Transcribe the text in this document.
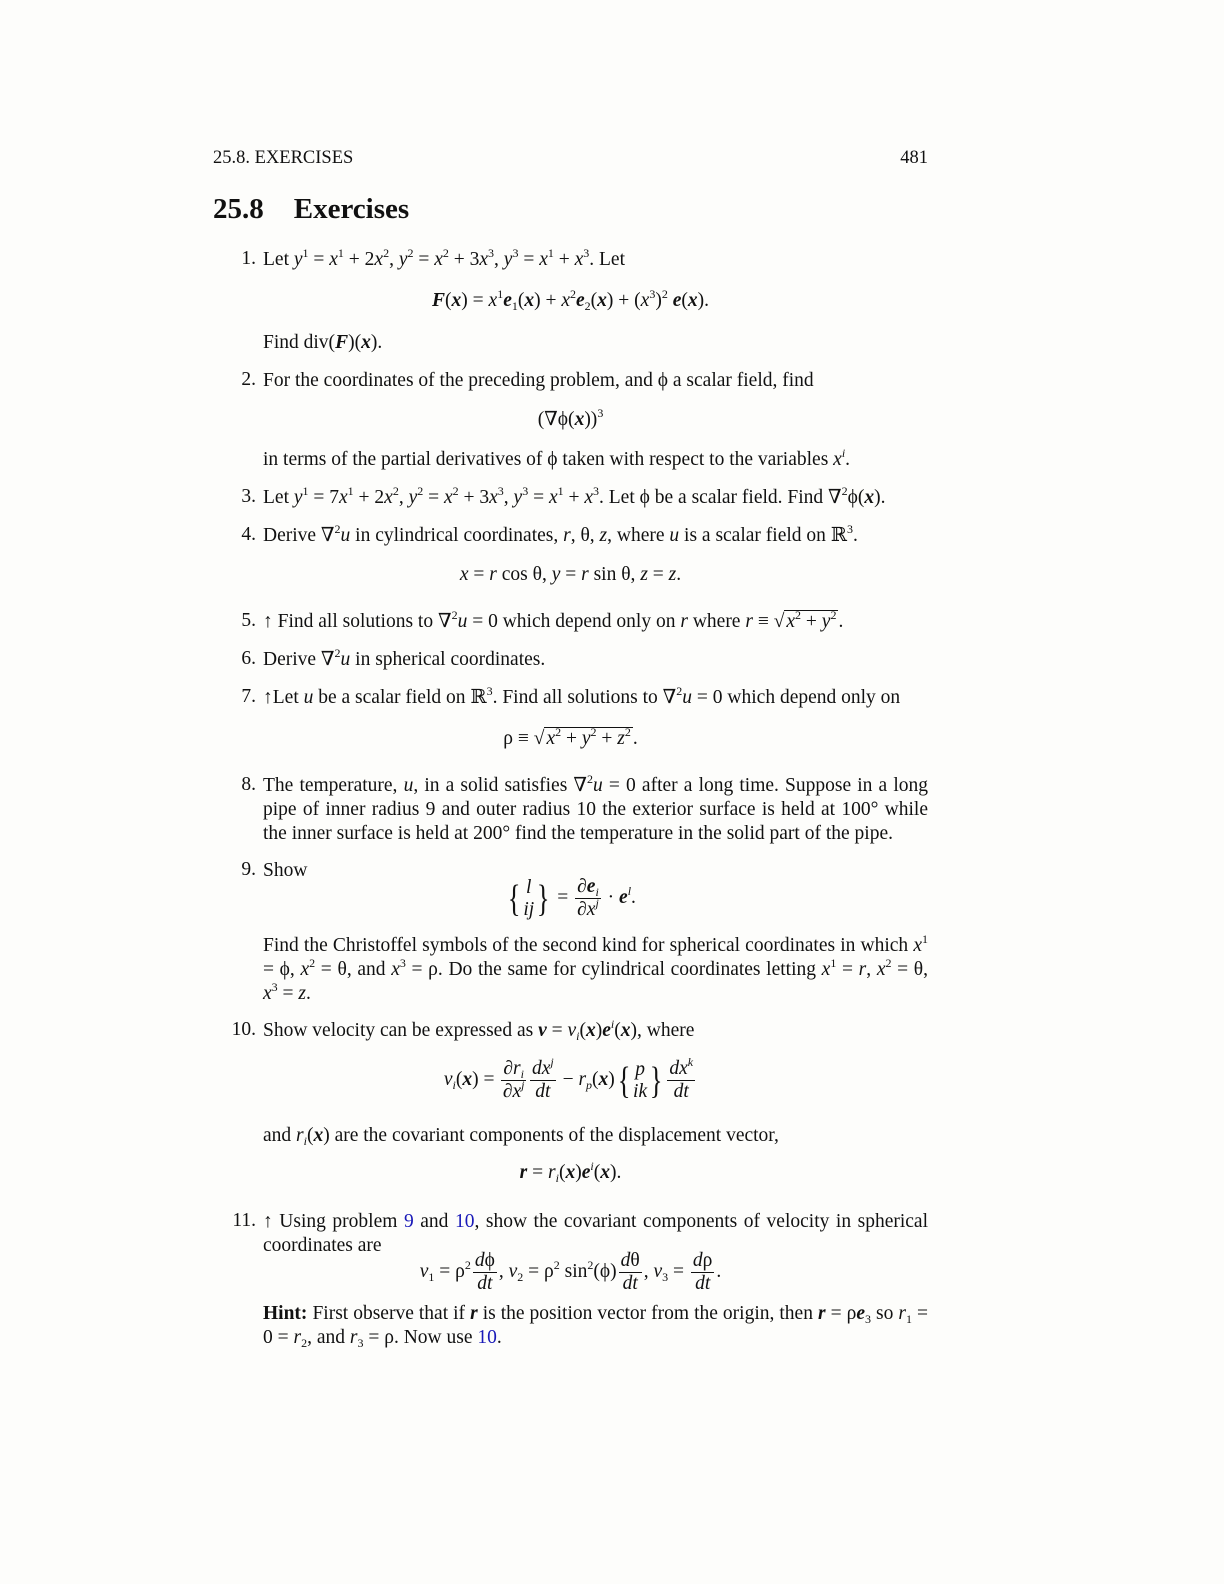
25.8. EXERCISES	481
25.8 Exercises
1. Let $y^1 = x^1 + 2x^2$, $y^2 = x^2 + 3x^3$, $y^3 = x^1 + x^3$. Let
$F(x) = x^1e_1(x) + x^2e_2(x) + (x^3)^2$ e(x).
Find div(F)(x).
2. For the coordinates of the preceding problem, and ϕ a scalar field, find
$(\nabla\phi(x))^3$
in terms of the partial derivatives of ϕ taken with respect to the variables $x^i$.
3. Let $y^1 = 7x^1 + 2x^2$, $y^2 = x^2 + 3x^3$, $y^3 = x^1 + x^3$. Let ϕ be a scalar field. Find ∇$^2$ϕ(x).
4. Derive ∇$^2$u in cylindrical coordinates, r, θ, z, where u is a scalar field on ℝ$^3$.
x = r cos θ, y = r sin θ, z = z.
5. ↑ Find all solutions to ∇$^2$u = 0 which depend only on r where r ≡ √ $x^2 + y^2$ .
6. Derive ∇$^2$u in spherical coordinates.
7. ↑Let u be a scalar field on ℝ$^3$. Find all solutions to ∇$^2$u = 0 which depend only on
ρ ≡ √ $x^2 + y^2 + z^2$ .
8. The temperature, u, in a solid satisfies ∇$^2$u = 0 after a long time. Suppose in a long pipe of inner radius 9 and outer radius 10 the exterior surface is held at 100° while the inner surface is held at 200° find the temperature in the solid part of the pipe.
9. Show
{ l
ij } = $\frac{\partial e_i}{\partial x^j} \cdot e^l$.
Find the Christoffel symbols of the second kind for spherical coordinates in which $x^1 = \phi$, $x^2 = \theta$, and $x^3 = \rho$. Do the same for cylindrical coordinates letting $x^1 = r$, $x^2 = \theta$, $x^3 = z$.
10. Show velocity can be expressed as $v = v_i(x)e^i(x)$, where
$v_i(x) = \frac{\partial r_i}{\partial x^j} \frac{dx^j}{dt} - r_p(x)${ p
ik } $\frac{dx^k}{dt}$
and $r_i(x)$ are the covariant components of the displacement vector,
$r = r_i(x)e^i(x)$.
11. ↑ Using problem 9 and 10, show the covariant components of velocity in spherical coordinates are
$v_1 = \rho^2 \frac{d\phi}{dt}$ , $v_2 = \rho^2$ $\sin^2(\phi) \frac{d\theta}{dt}$ , $v_3 = \frac{d\rho}{dt}$ .
Hint: First observe that if r is the position vector from the origin, then $r = \rho e_3$ so $r_1 = 0 = r_2$, and $r_3 = \rho$. Now use 10.
